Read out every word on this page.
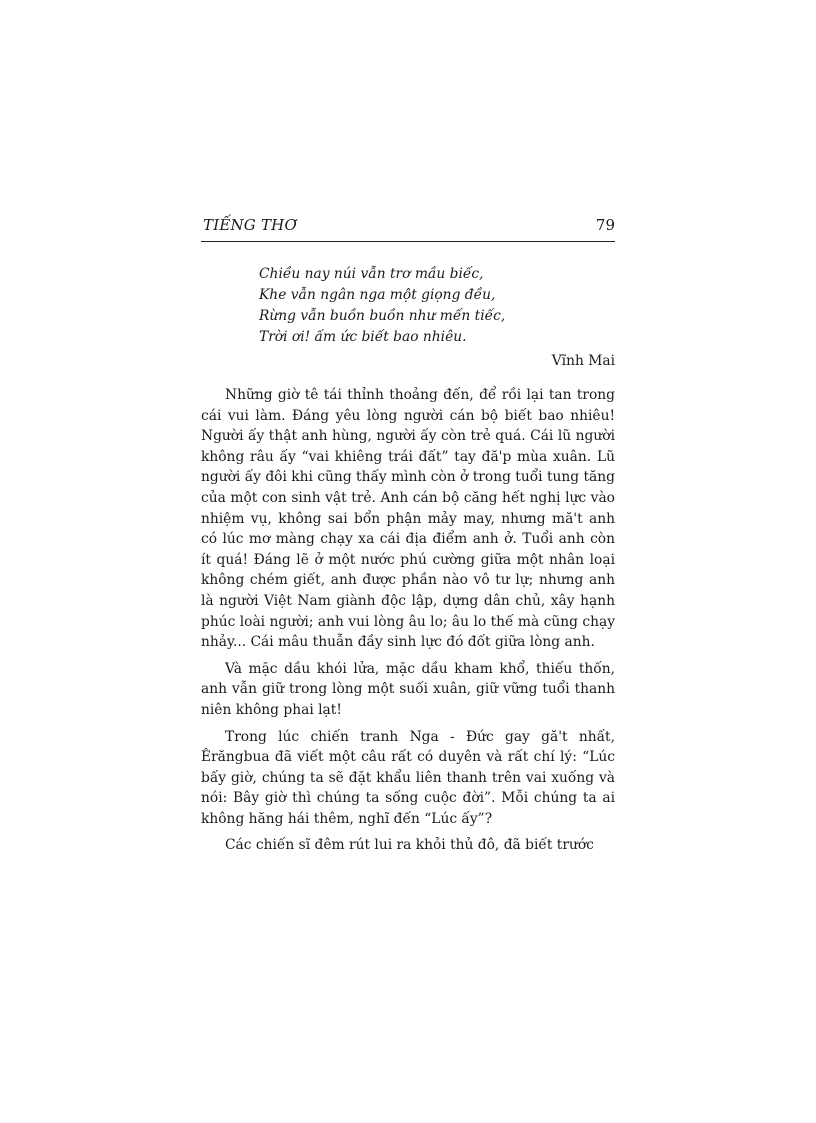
TIẾNG THƠ	79
Chiều nay núi vẫn trơ mầu biếc,
Khe vẫn ngân nga một giọng đều,
Rừng vẫn buồn buồn như mến tiếc,
Trời ơi! ấm ức biết bao nhiêu.
Vĩnh Mai

Những giờ tê tái thỉnh thoảng đến, để rồi lại tan trong cái vui làm. Đáng yêu lòng người cán bộ biết bao nhiêu! Người ấy thật anh hùng, người ấy còn trẻ quá. Cái lũ người không râu ấy “vai khiêng trái đất” tay đă'p mùa xuân. Lũ người ấy đôi khi cũng thấy mình còn ở trong tuổi tung tăng của một con sinh vật trẻ. Anh cán bộ căng hết nghị lực vào nhiệm vụ, không sai bổn phận mảy may, nhưng mă't anh có lúc mơ màng chạy xa cái địa điểm anh ở. Tuổi anh còn ít quá! Đáng lẽ ở một nước phú cường giữa một nhân loại không chém giết, anh được phần nào vô tư lự; nhưng anh là người Việt Nam giành độc lập, dựng dân chủ, xây hạnh phúc loài người; anh vui lòng âu lo; âu lo thế mà cũng chạy nhảy... Cái mâu thuẫn đầy sinh lực đó đốt giữa lòng anh.

Và mặc dầu khói lửa, mặc dầu kham khổ, thiếu thốn, anh vẫn giữ trong lòng một suối xuân, giữ vững tuổi thanh niên không phai lạt!

Trong lúc chiến tranh Nga - Đức gay gă't nhất, Êrăngbua đã viết một câu rất có duyên và rất chí lý: “Lúc bấy giờ, chúng ta sẽ đặt khẩu liên thanh trên vai xuống và nói: Bây giờ thì chúng ta sống cuộc đời”. Mỗi chúng ta ai không hăng hái thêm, nghĩ đến “Lúc ấy”?

Các chiến sĩ đêm rút lui ra khỏi thủ đô, đã biết trước
